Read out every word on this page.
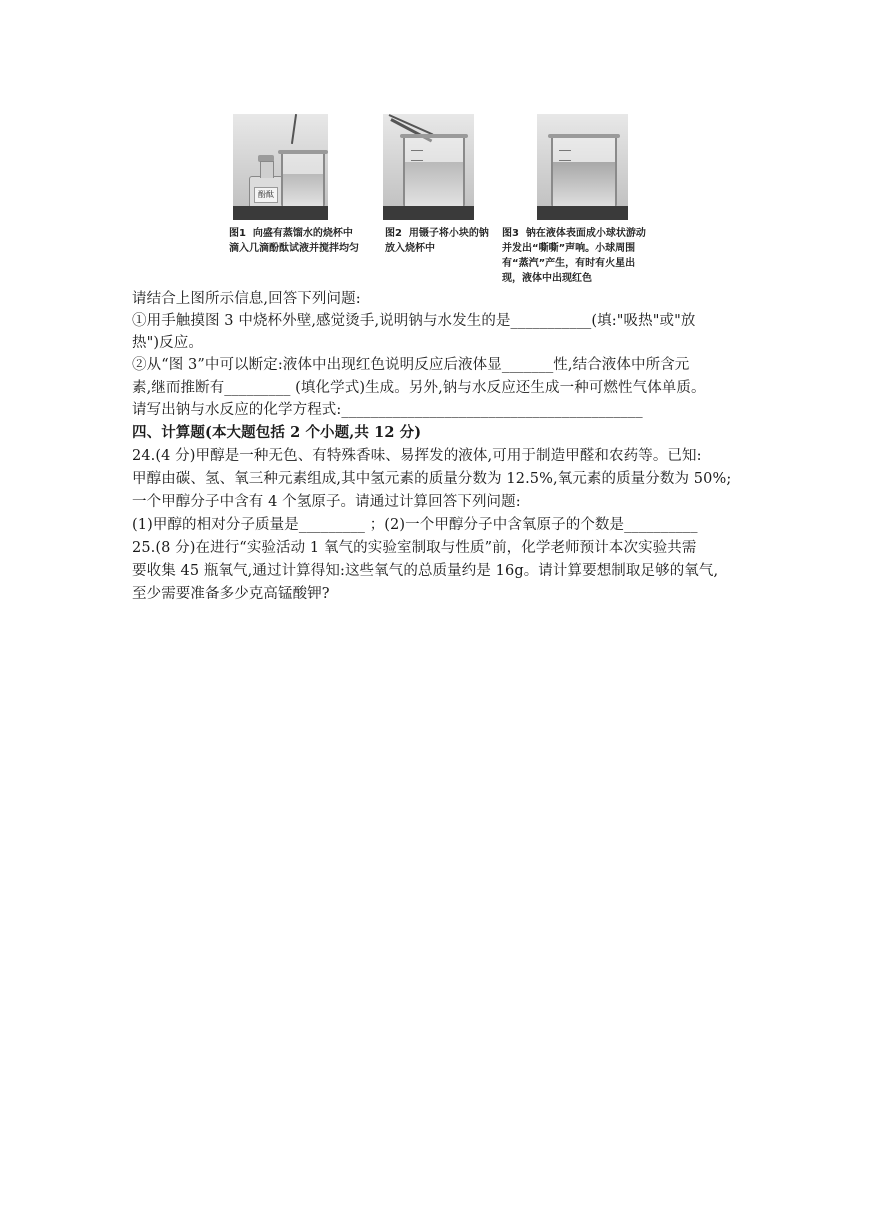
酚酞
图1  向盛有蒸馏水的烧杯中
滴入几滴酚酞试液并搅拌均匀
图2  用镊子将小块的钠
放入烧杯中
图3  钠在液体表面成小球状游动
并发出“嘶嘶”声响。小球周围
有“蒸汽”产生，有时有火星出
现，液体中出现红色
请结合上图所示信息,回答下列问题:
①用手触摸图 3 中烧杯外壁,感觉烫手,说明钠与水发生的是___________(填:"吸热"或"放
热")反应。
②从“图 3”中可以断定:液体中出现红色说明反应后液体显_______性,结合液体中所含元
素,继而推断有_________ (填化学式)生成。另外,钠与水反应还生成一种可燃性气体单质。
请写出钠与水反应的化学方程式:_________________________________________
四、计算题(本大题包括 2 个小题,共 12 分)
24.(4 分)甲醇是一种无色、有特殊香味、易挥发的液体,可用于制造甲醛和农药等。已知:
甲醇由碳、氢、氧三种元素组成,其中氢元素的质量分数为 12.5%,氧元素的质量分数为 50%;
一个甲醇分子中含有 4 个氢原子。请通过计算回答下列问题:
(1)甲醇的相对分子质量是_________ ；(2)一个甲醇分子中含氧原子的个数是__________
25.(8 分)在进行“实验活动 1 氧气的实验室制取与性质”前，化学老师预计本次实验共需
要收集 45 瓶氧气,通过计算得知:这些氧气的总质量约是 16g。请计算要想制取足够的氧气,
至少需要准备多少克高锰酸钾?
